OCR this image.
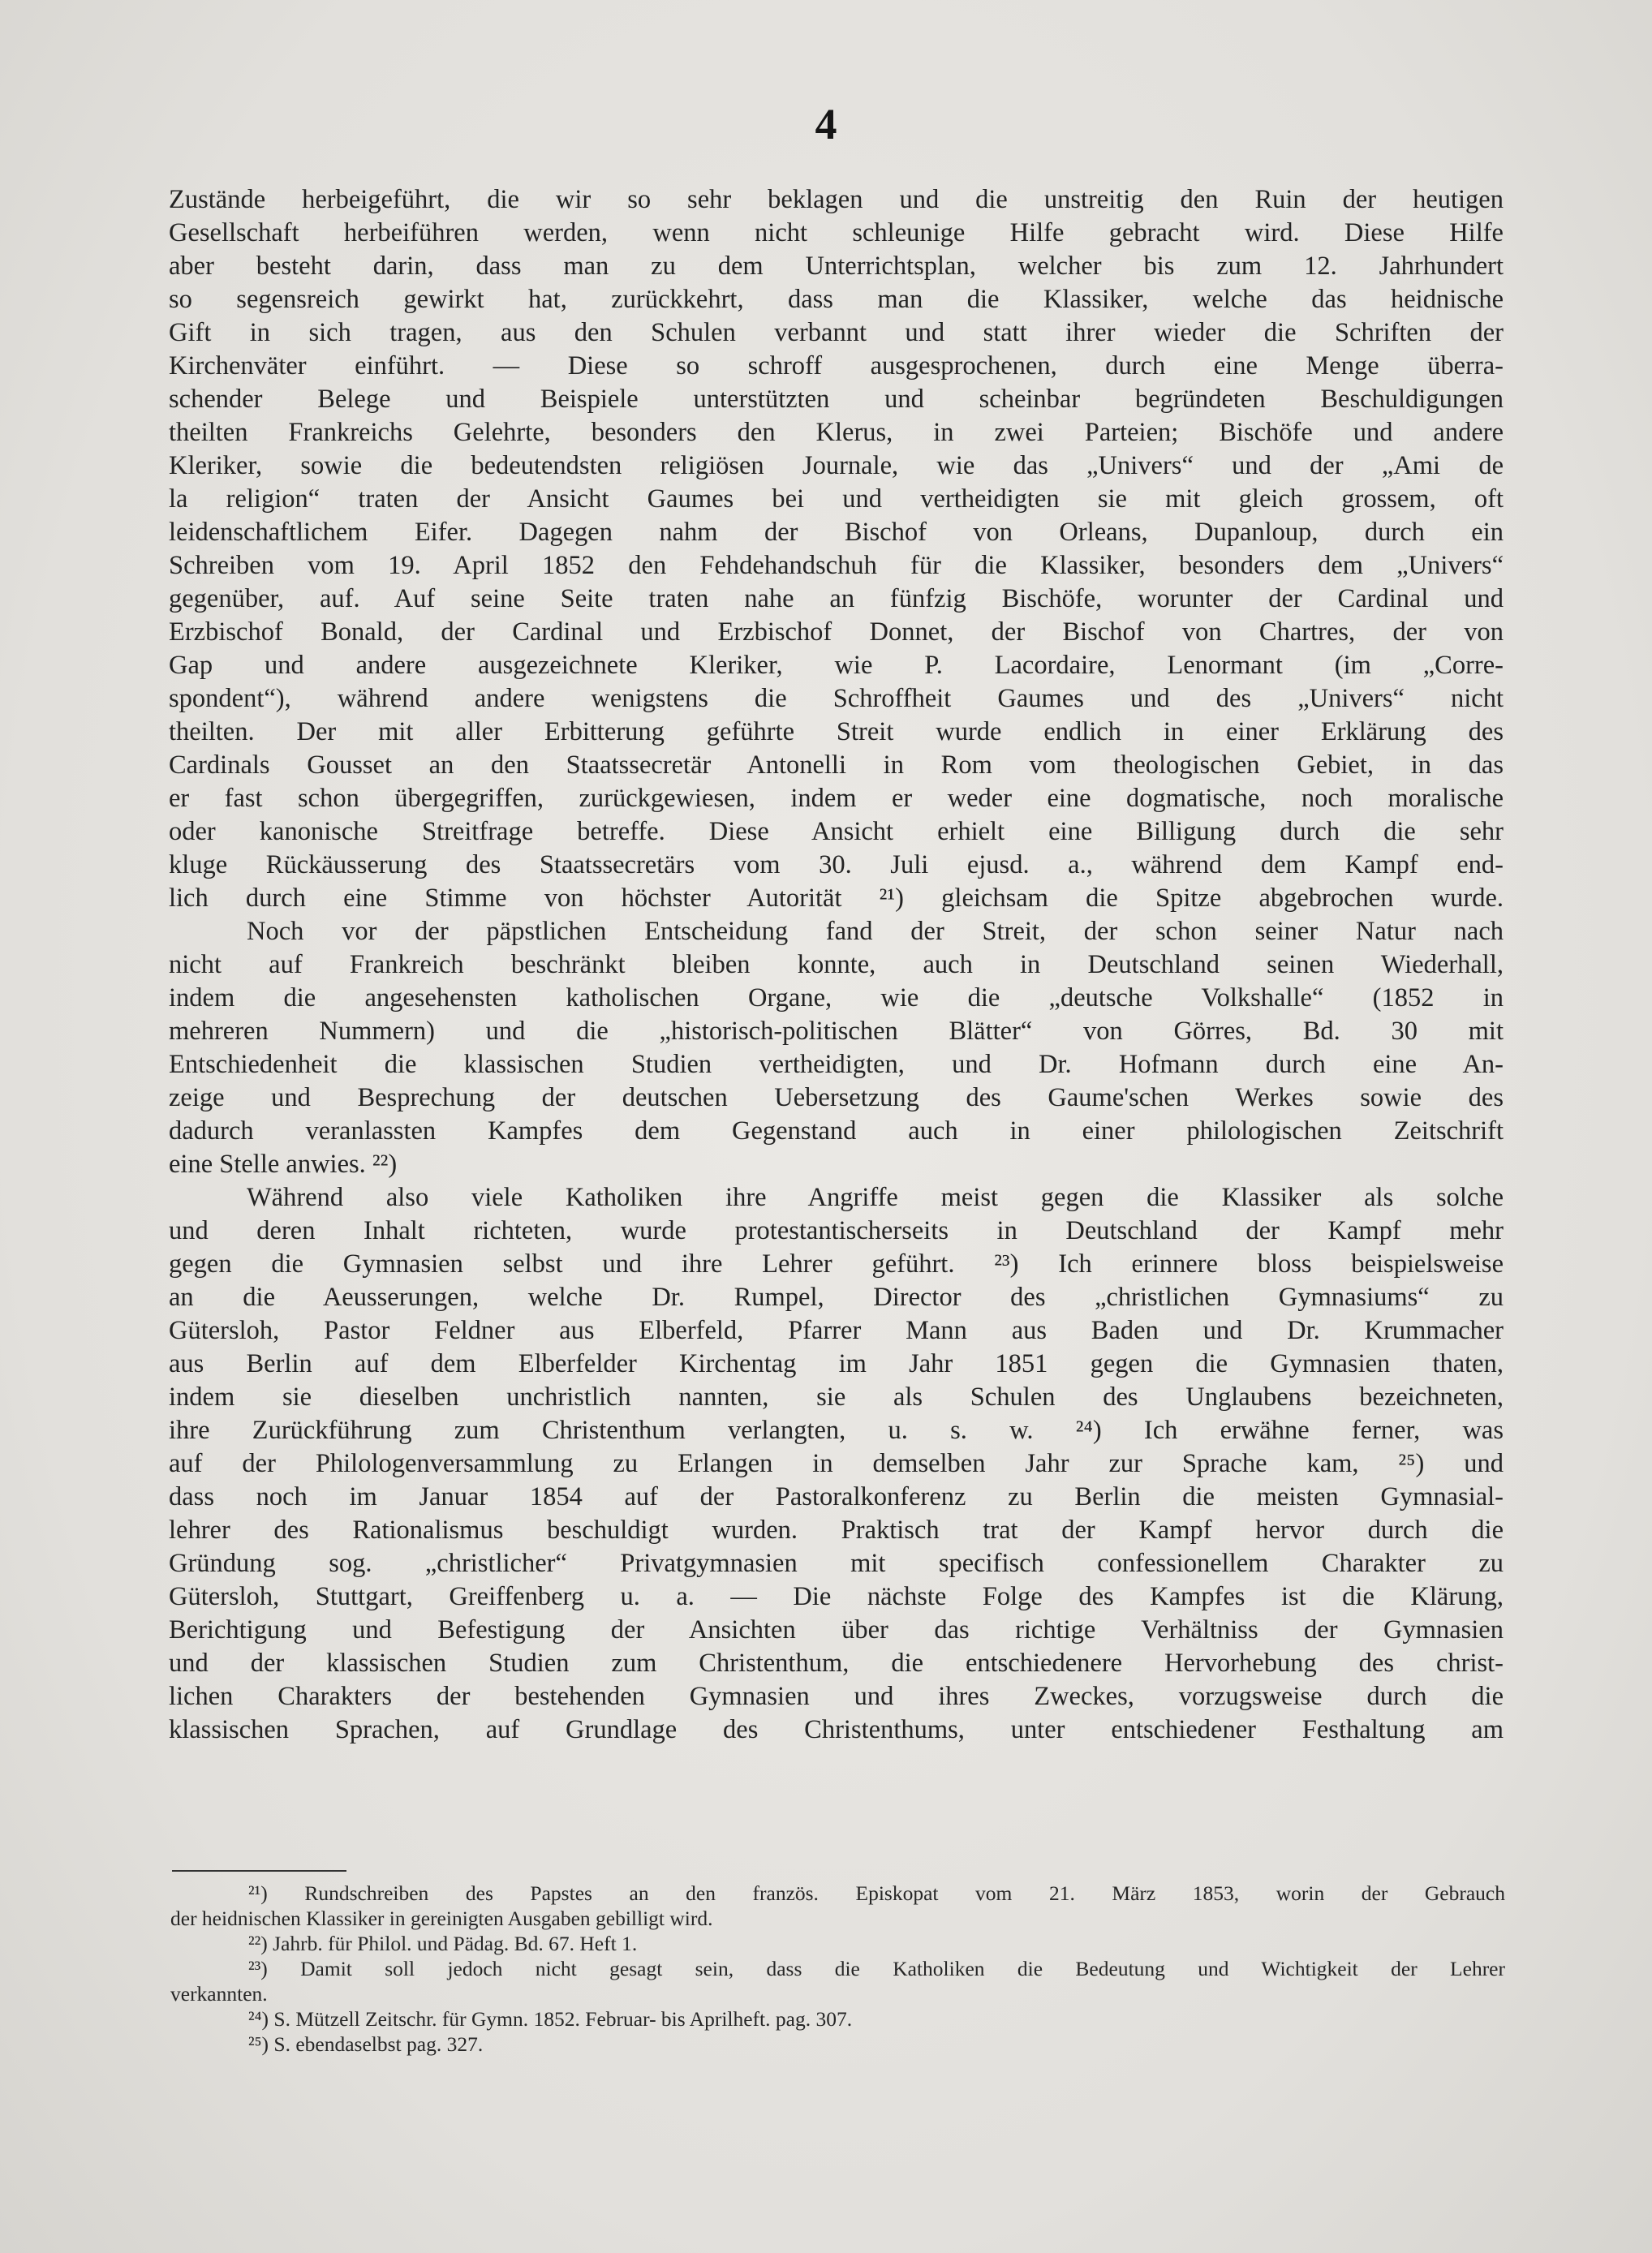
4
Zustände herbeigeführt, die wir so sehr beklagen und die unstreitig den Ruin der heutigen
Gesellschaft herbeiführen werden, wenn nicht schleunige Hilfe gebracht wird. Diese Hilfe
aber besteht darin, dass man zu dem Unterrichtsplan, welcher bis zum 12. Jahrhundert
so segensreich gewirkt hat, zurückkehrt, dass man die Klassiker, welche das heidnische
Gift in sich tragen, aus den Schulen verbannt und statt ihrer wieder die Schriften der
Kirchenväter einführt. — Diese so schroff ausgesprochenen, durch eine Menge überra-
schender Belege und Beispiele unterstützten und scheinbar begründeten Beschuldigungen
theilten Frankreichs Gelehrte, besonders den Klerus, in zwei Parteien; Bischöfe und andere
Kleriker, sowie die bedeutendsten religiösen Journale, wie das „Univers“ und der „Ami de
la religion“ traten der Ansicht Gaumes bei und vertheidigten sie mit gleich grossem, oft
leidenschaftlichem Eifer. Dagegen nahm der Bischof von Orleans, Dupanloup, durch ein
Schreiben vom 19. April 1852 den Fehdehandschuh für die Klassiker, besonders dem „Univers“
gegenüber, auf. Auf seine Seite traten nahe an fünfzig Bischöfe, worunter der Cardinal und
Erzbischof Bonald, der Cardinal und Erzbischof Donnet, der Bischof von Chartres, der von
Gap und andere ausgezeichnete Kleriker, wie P. Lacordaire, Lenormant (im „Corre-
spondent“), während andere wenigstens die Schroffheit Gaumes und des „Univers“ nicht
theilten. Der mit aller Erbitterung geführte Streit wurde endlich in einer Erklärung des
Cardinals Gousset an den Staatssecretär Antonelli in Rom vom theologischen Gebiet, in das
er fast schon übergegriffen, zurückgewiesen, indem er weder eine dogmatische, noch moralische
oder kanonische Streitfrage betreffe. Diese Ansicht erhielt eine Billigung durch die sehr
kluge Rückäusserung des Staatssecretärs vom 30. Juli ejusd. a., während dem Kampf end-
lich durch eine Stimme von höchster Autorität ²¹) gleichsam die Spitze abgebrochen wurde.
Noch vor der päpstlichen Entscheidung fand der Streit, der schon seiner Natur nach
nicht auf Frankreich beschränkt bleiben konnte, auch in Deutschland seinen Wiederhall,
indem die angesehensten katholischen Organe, wie die „deutsche Volkshalle“ (1852 in
mehreren Nummern) und die „historisch-politischen Blätter“ von Görres, Bd. 30 mit
Entschiedenheit die klassischen Studien vertheidigten, und Dr. Hofmann durch eine An-
zeige und Besprechung der deutschen Uebersetzung des Gaume'schen Werkes sowie des
dadurch veranlassten Kampfes dem Gegenstand auch in einer philologischen Zeitschrift
eine Stelle anwies. ²²)
Während also viele Katholiken ihre Angriffe meist gegen die Klassiker als solche
und deren Inhalt richteten, wurde protestantischerseits in Deutschland der Kampf mehr
gegen die Gymnasien selbst und ihre Lehrer geführt. ²³) Ich erinnere bloss beispielsweise
an die Aeusserungen, welche Dr. Rumpel, Director des „christlichen Gymnasiums“ zu
Gütersloh, Pastor Feldner aus Elberfeld, Pfarrer Mann aus Baden und Dr. Krummacher
aus Berlin auf dem Elberfelder Kirchentag im Jahr 1851 gegen die Gymnasien thaten,
indem sie dieselben unchristlich nannten, sie als Schulen des Unglaubens bezeichneten,
ihre Zurückführung zum Christenthum verlangten, u. s. w. ²⁴) Ich erwähne ferner, was
auf der Philologenversammlung zu Erlangen in demselben Jahr zur Sprache kam, ²⁵) und
dass noch im Januar 1854 auf der Pastoralkonferenz zu Berlin die meisten Gymnasial-
lehrer des Rationalismus beschuldigt wurden. Praktisch trat der Kampf hervor durch die
Gründung sog. „christlicher“ Privatgymnasien mit specifisch confessionellem Charakter zu
Gütersloh, Stuttgart, Greiffenberg u. a. — Die nächste Folge des Kampfes ist die Klärung,
Berichtigung und Befestigung der Ansichten über das richtige Verhältniss der Gymnasien
und der klassischen Studien zum Christenthum, die entschiedenere Hervorhebung des christ-
lichen Charakters der bestehenden Gymnasien und ihres Zweckes, vorzugsweise durch die
klassischen Sprachen, auf Grundlage des Christenthums, unter entschiedener Festhaltung am
²¹) Rundschreiben des Papstes an den französ. Episkopat vom 21. März 1853, worin der Gebrauch
der heidnischen Klassiker in gereinigten Ausgaben gebilligt wird.
²²) Jahrb. für Philol. und Pädag. Bd. 67. Heft 1.
²³) Damit soll jedoch nicht gesagt sein, dass die Katholiken die Bedeutung und Wichtigkeit der Lehrer
verkannten.
²⁴) S. Mützell Zeitschr. für Gymn. 1852. Februar- bis Aprilheft. pag. 307.
²⁵) S. ebendaselbst pag. 327.
